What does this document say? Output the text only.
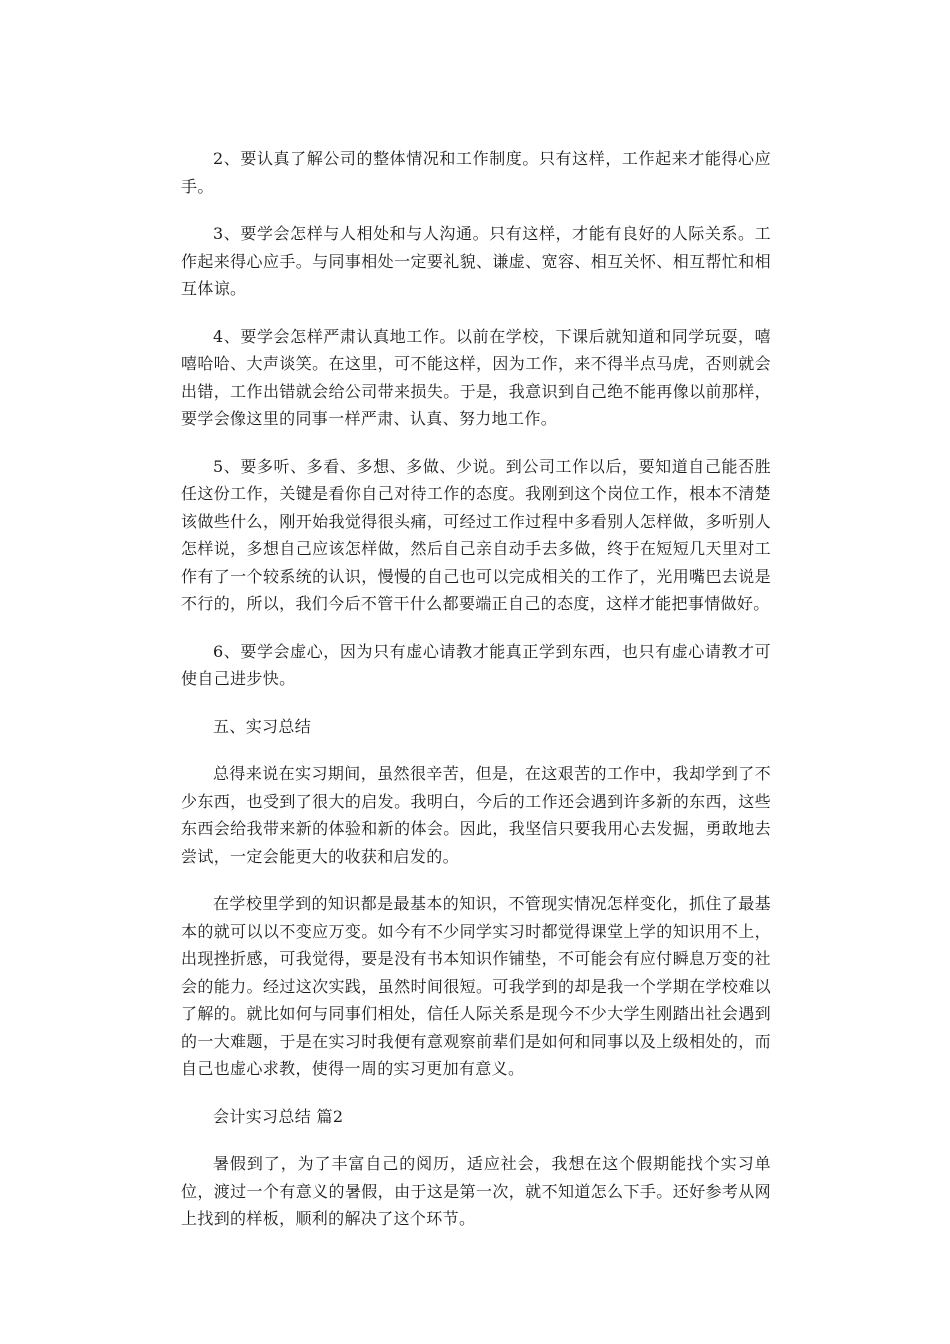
2、要认真了解公司的整体情况和工作制度。只有这样，工作起来才能得心应手。

3、要学会怎样与人相处和与人沟通。只有这样，才能有良好的人际关系。工作起来得心应手。与同事相处一定要礼貌、谦虚、宽容、相互关怀、相互帮忙和相互体谅。

4、要学会怎样严肃认真地工作。以前在学校，下课后就知道和同学玩耍，嘻嘻哈哈、大声谈笑。在这里，可不能这样，因为工作，来不得半点马虎，否则就会出错，工作出错就会给公司带来损失。于是，我意识到自己绝不能再像以前那样，要学会像这里的同事一样严肃、认真、努力地工作。

5、要多听、多看、多想、多做、少说。到公司工作以后，要知道自己能否胜任这份工作，关键是看你自己对待工作的态度。我刚到这个岗位工作，根本不清楚该做些什么，刚开始我觉得很头痛，可经过工作过程中多看别人怎样做，多听别人怎样说，多想自己应该怎样做，然后自己亲自动手去多做，终于在短短几天里对工作有了一个较系统的认识，慢慢的自己也可以完成相关的工作了，光用嘴巴去说是不行的，所以，我们今后不管干什么都要端正自己的态度，这样才能把事情做好。

6、要学会虚心，因为只有虚心请教才能真正学到东西，也只有虚心请教才可使自己进步快。

五、实习总结

总得来说在实习期间，虽然很辛苦，但是，在这艰苦的工作中，我却学到了不少东西，也受到了很大的启发。我明白，今后的工作还会遇到许多新的东西，这些东西会给我带来新的体验和新的体会。因此，我坚信只要我用心去发掘，勇敢地去尝试，一定会能更大的收获和启发的。

在学校里学到的知识都是最基本的知识，不管现实情况怎样变化，抓住了最基本的就可以以不变应万变。如今有不少同学实习时都觉得课堂上学的知识用不上，出现挫折感，可我觉得，要是没有书本知识作铺垫，不可能会有应付瞬息万变的社会的能力。经过这次实践，虽然时间很短。可我学到的却是我一个学期在学校难以了解的。就比如何与同事们相处，信任人际关系是现今不少大学生刚踏出社会遇到的一大难题，于是在实习时我便有意观察前辈们是如何和同事以及上级相处的，而自己也虚心求教，使得一周的实习更加有意义。

会计实习总结 篇2

暑假到了，为了丰富自己的阅历，适应社会，我想在这个假期能找个实习单位，渡过一个有意义的暑假，由于这是第一次，就不知道怎么下手。还好参考从网上找到的样板，顺利的解决了这个环节。
